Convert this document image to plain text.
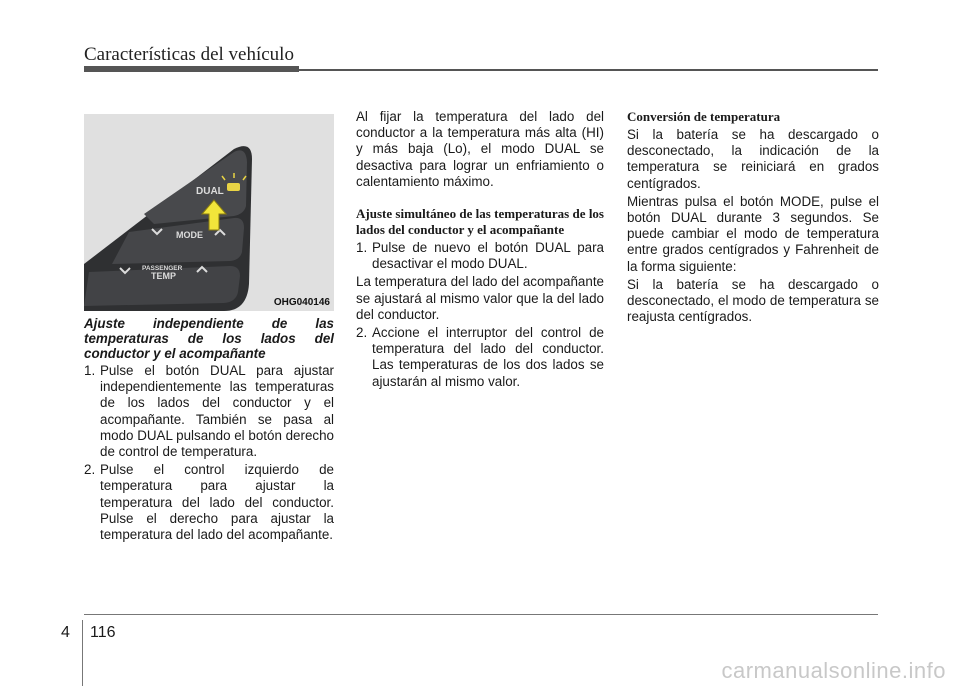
Características del vehículo
DUAL
MODE
PASSENGER
TEMP
OHG040146

Ajuste independiente de las temperaturas de los lados del conductor y el acompañante

1. Pulse el botón DUAL para ajustar independientemente las temperaturas de los lados del conductor y el acompañante. También se pasa al modo DUAL pulsando el botón derecho de control de temperatura.
2. Pulse el control izquierdo de temperatura para ajustar la temperatura del lado del conductor. Pulse el derecho para ajustar la temperatura del lado del acompañante.

Al fijar la temperatura del lado del conductor a la temperatura más alta (HI) y más baja (Lo), el modo DUAL se desactiva para lograr un enfriamiento o calentamiento máximo.

Ajuste simultáneo de las temperaturas de los lados del conductor y el acompañante

1. Pulse de nuevo el botón DUAL para desactivar el modo DUAL.

La temperatura del lado del acompañante se ajustará al mismo valor que la del lado del conductor.

2. Accione el interruptor del control de temperatura del lado del conductor. Las temperaturas de los dos lados se ajustarán al mismo valor.

Conversión de temperatura

Si la batería se ha descargado o desconectado, la indicación de la temperatura se reiniciará en grados centígrados.

Mientras pulsa el botón MODE, pulse el botón DUAL durante 3 segundos. Se puede cambiar el modo de temperatura entre grados centígrados y Fahrenheit de la forma siguiente:

Si la batería se ha descargado o desconectado, el modo de temperatura se reajusta centígrados.

4 116
carmanualsonline.info
